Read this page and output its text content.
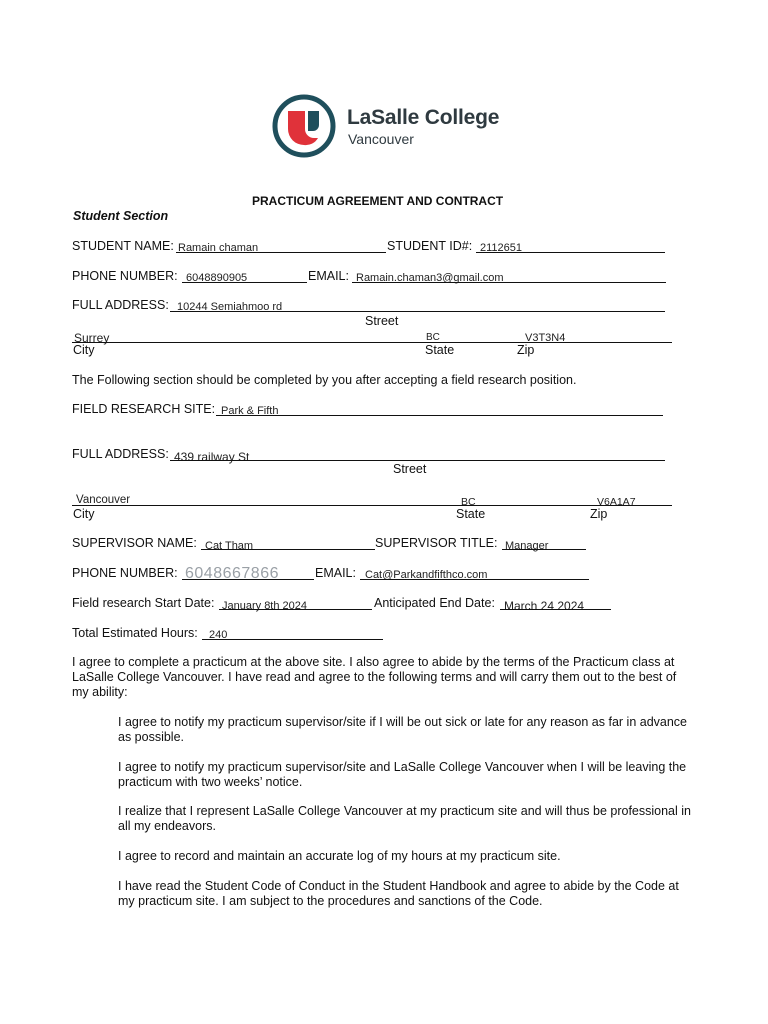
LaSalle College
Vancouver
PRACTICUM AGREEMENT AND CONTRACT
Student Section
STUDENT NAME: Ramain chaman	STUDENT ID#: 2112651
PHONE NUMBER: 6048890905	EMAIL: Ramain.chaman3@gmail.com
FULL ADDRESS: 10244 Semiahmoo rd
Street
Surrey	BC	V3T3N4
City	State	Zip
The Following section should be completed by you after accepting a field research position.
FIELD RESEARCH SITE: Park & Fifth
FULL ADDRESS: 439 railway St
Street
Vancouver	BC	V6A1A7
City	State	Zip
SUPERVISOR NAME: Cat Tham	SUPERVISOR TITLE: Manager
PHONE NUMBER: 6048667866	EMAIL: Cat@Parkandfifthco.com
Field research Start Date: January 8th 2024	Anticipated End Date: March 24 2024
Total Estimated Hours: 240
I agree to complete a practicum at the above site. I also agree to abide by the terms of the Practicum class at LaSalle College Vancouver. I have read and agree to the following terms and will carry them out to the best of my ability:
I agree to notify my practicum supervisor/site if I will be out sick or late for any reason as far in advance as possible.
I agree to notify my practicum supervisor/site and LaSalle College Vancouver when I will be leaving the practicum with two weeks’ notice.
I realize that I represent LaSalle College Vancouver at my practicum site and will thus be professional in all my endeavors.
I agree to record and maintain an accurate log of my hours at my practicum site.
I have read the Student Code of Conduct in the Student Handbook and agree to abide by the Code at my practicum site. I am subject to the procedures and sanctions of the Code.
